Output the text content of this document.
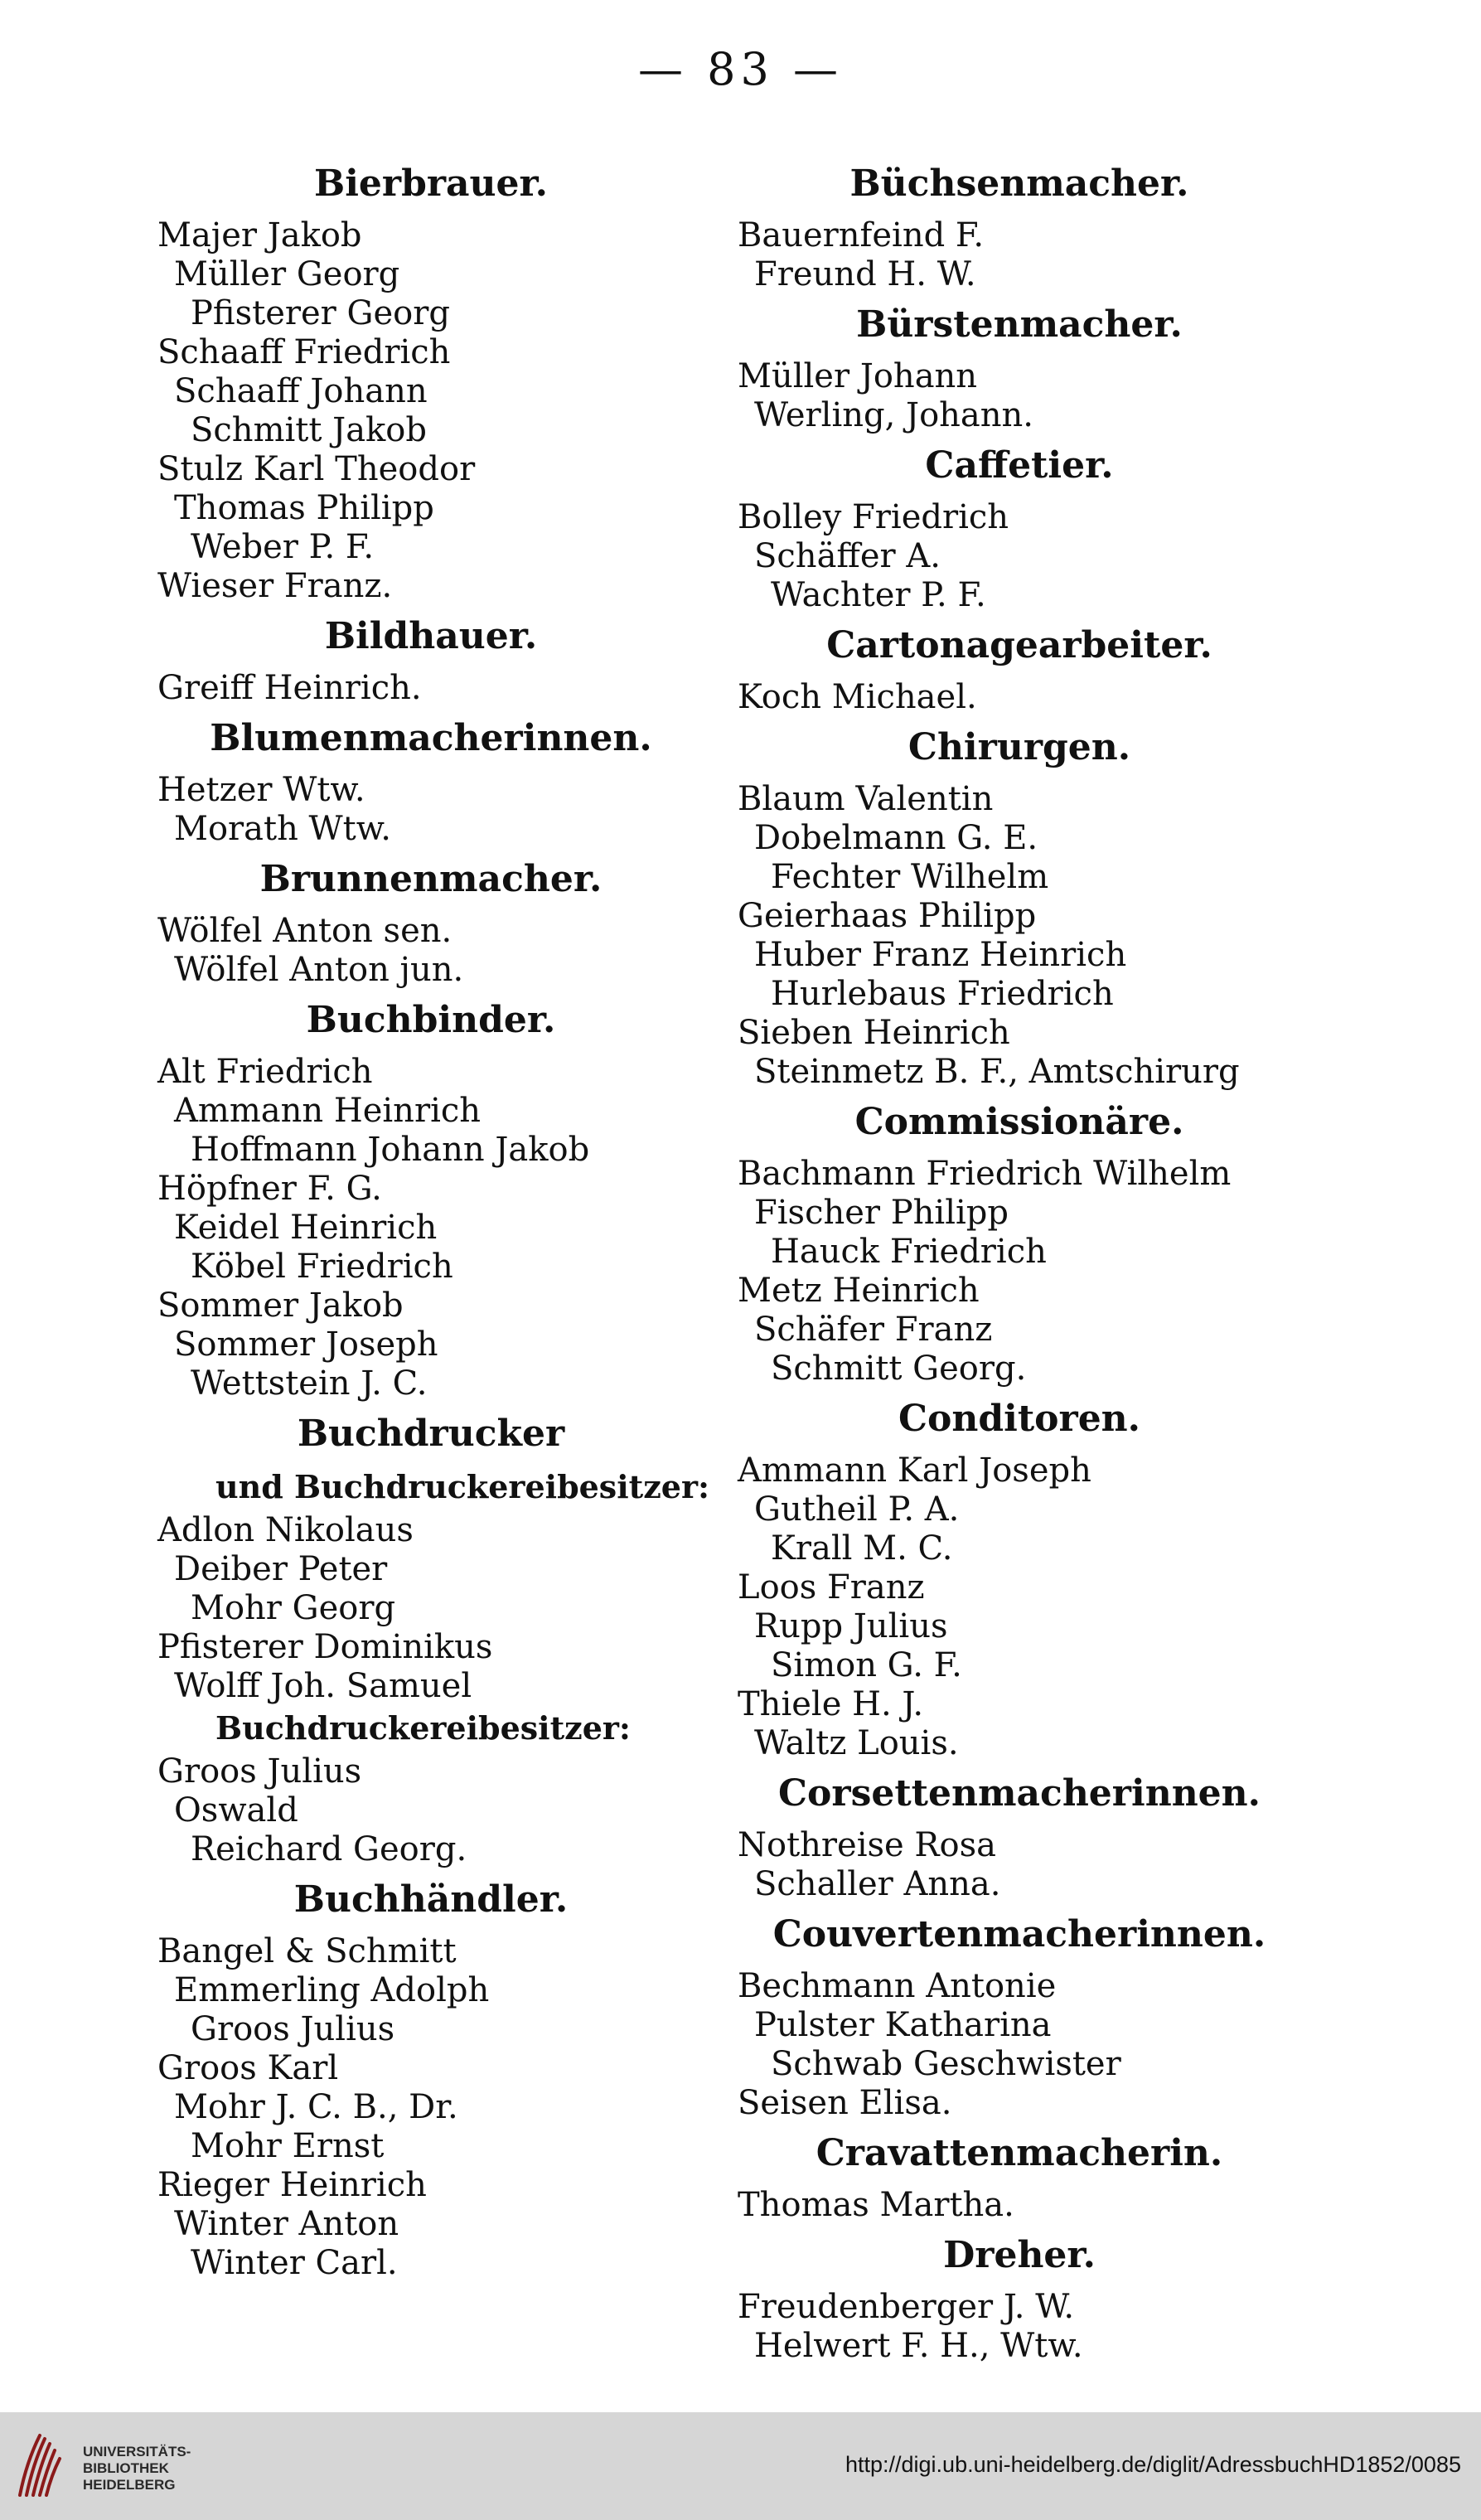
— 83 —
Bierbrauer.
Majer Jakob
Müller Georg
Pfisterer Georg
Schaaff Friedrich
Schaaff Johann
Schmitt Jakob
Stulz Karl Theodor
Thomas Philipp
Weber P. F.
Wieser Franz.
Bildhauer.
Greiff Heinrich.
Blumenmacherinnen.
Hetzer Wtw.
Morath Wtw.
Brunnenmacher.
Wölfel Anton sen.
Wölfel Anton jun.
Buchbinder.
Alt Friedrich
Ammann Heinrich
Hoffmann Johann Jakob
Höpfner F. G.
Keidel Heinrich
Köbel Friedrich
Sommer Jakob
Sommer Joseph
Wettstein J. C.
Buchdrucker
und Buchdruckereibesitzer:
Adlon Nikolaus
Deiber Peter
Mohr Georg
Pfisterer Dominikus
Wolff Joh. Samuel
Buchdruckereibesitzer:
Groos Julius
Oswald
Reichard Georg.
Buchhändler.
Bangel & Schmitt
Emmerling Adolph
Groos Julius
Groos Karl
Mohr J. C. B., Dr.
Mohr Ernst
Rieger Heinrich
Winter Anton
Winter Carl.
Büchsenmacher.
Bauernfeind F.
Freund H. W.
Bürstenmacher.
Müller Johann
Werling, Johann.
Caffetier.
Bolley Friedrich
Schäffer A.
Wachter P. F.
Cartonagearbeiter.
Koch Michael.
Chirurgen.
Blaum Valentin
Dobelmann G. E.
Fechter Wilhelm
Geierhaas Philipp
Huber Franz Heinrich
Hurlebaus Friedrich
Sieben Heinrich
Steinmetz B. F., Amtschirurg
Commissionäre.
Bachmann Friedrich Wilhelm
Fischer Philipp
Hauck Friedrich
Metz Heinrich
Schäfer Franz
Schmitt Georg.
Conditoren.
Ammann Karl Joseph
Gutheil P. A.
Krall M. C.
Loos Franz
Rupp Julius
Simon G. F.
Thiele H. J.
Waltz Louis.
Corsettenmacherinnen.
Nothreise Rosa
Schaller Anna.
Couvertenmacherinnen.
Bechmann Antonie
Pulster Katharina
Schwab Geschwister
Seisen Elisa.
Cravattenmacherin.
Thomas Martha.
Dreher.
Freudenberger J. W.
Helwert F. H., Wtw.
UNIVERSITÄTS-
BIBLIOTHEK
HEIDELBERG
http://digi.ub.uni-heidelberg.de/diglit/AdressbuchHD1852/0085
